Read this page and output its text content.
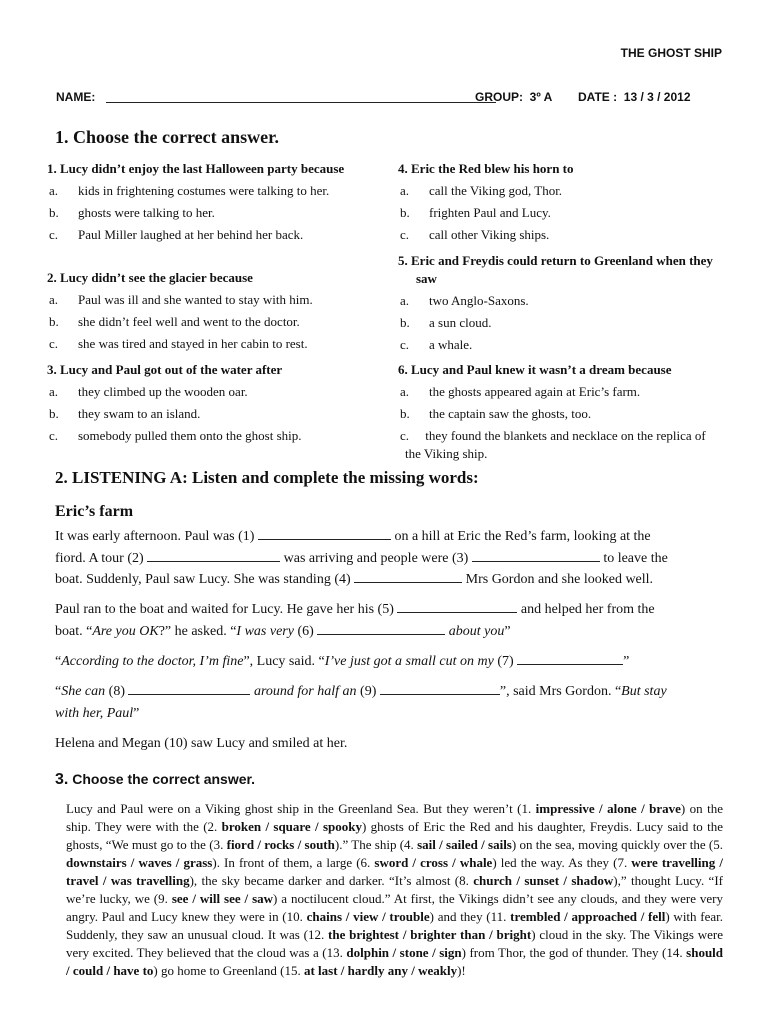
THE GHOST SHIP
NAME:	GROUP: 3º A DATE : 13 / 3 / 2012
1. Choose the correct answer.

1. Lucy didn’t enjoy the last Halloween party because

a. kids in frightening costumes were talking to her.

b. ghosts were talking to her.

c. Paul Miller laughed at her behind her back.

2. Lucy didn’t see the glacier because

a. Paul was ill and she wanted to stay with him.

b. she didn’t feel well and went to the doctor.

c. she was tired and stayed in her cabin to rest.

3. Lucy and Paul got out of the water after

a. they climbed up the wooden oar.

b. they swam to an island.

c. somebody pulled them onto the ghost ship.

4. Eric the Red blew his horn to

a. call the Viking god, Thor.

b. frighten Paul and Lucy.

c. call other Viking ships.

5. Eric and Freydis could return to Greenland when they saw

a. two Anglo-Saxons.

b. a sun cloud.

c. a whale.

6. Lucy and Paul knew it wasn’t a dream because

a. the ghosts appeared again at Eric’s farm.

b. the captain saw the ghosts, too.

c. they found the blankets and necklace on the replica of the Viking ship.

2. LISTENING A: Listen and complete the missing words:
Eric’s farm

It was early afternoon. Paul was (1)	on a hill at Eric the Red’s farm, looking at the
fiord. A tour (2)	was arriving and people were (3)	to leave the
boat. Suddenly, Paul saw Lucy. She was standing (4)	Mrs Gordon and she looked well.

Paul ran to the boat and waited for Lucy. He gave her his (5)	and helped her from the
boat. “Are you OK?” he asked. “I was very (6)	about you”

“According to the doctor, I’m fine”, Lucy said. “I’ve just got a small cut on my (7)	”

“She can (8)	around for half an (9)	”, said Mrs Gordon. “But stay
with her, Paul”

Helena and Megan (10) saw Lucy and smiled at her.

3. Choose the correct answer.
Lucy and Paul were on a Viking ghost ship in the Greenland Sea. But they weren’t (1. impressive / alone / brave) on the ship. They were with the (2. broken / square / spooky) ghosts of Eric the Red and his daughter, Freydis. Lucy said to the ghosts, “We must go to the (3. fiord / rocks / south).” The ship (4. sail / sailed / sails) on the sea, moving quickly over the (5. downstairs / waves / grass). In front of them, a large (6. sword / cross / whale) led the way. As they (7. were travelling / travel / was travelling), the sky became darker and darker. “It’s almost (8. church / sunset / shadow),” thought Lucy. “If we’re lucky, we (9. see / will see / saw) a noctilucent cloud.” At first, the Vikings didn’t see any clouds, and they were very angry. Paul and Lucy knew they were in (10. chains / view / trouble) and they (11. trembled / approached / fell) with fear. Suddenly, they saw an unusual cloud. It was (12. the brightest / brighter than / bright) cloud in the sky. The Vikings were very excited. They believed that the cloud was a (13. dolphin / stone / sign) from Thor, the god of thunder. They (14. should / could / have to) go home to Greenland (15. at last / hardly any / weakly)!
